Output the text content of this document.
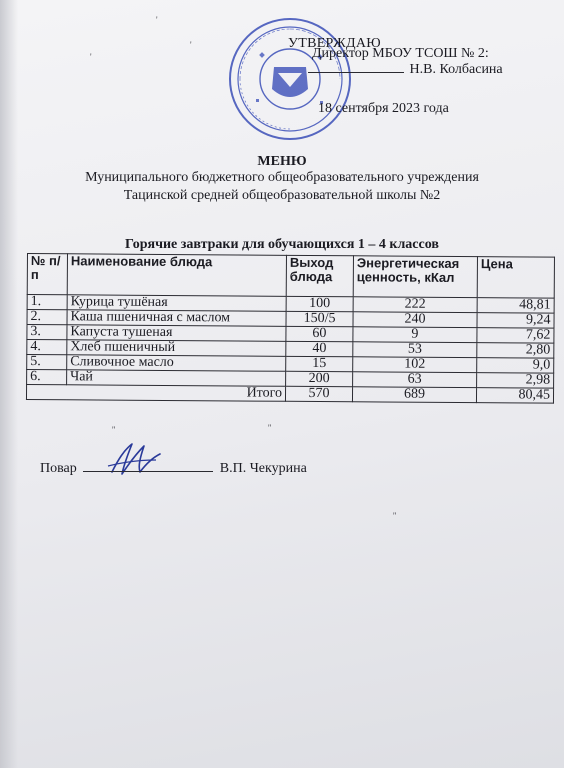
УТВЕРЖДАЮ
Директор МБОУ ТСОШ № 2:
Н.В. Колбасина
18 сентября 2023 года
МЕНЮ
Муниципального бюджетного общеобразовательного учреждения
Тацинской средней общеобразовательной школы №2
Горячие завтраки для обучающихся 1 – 4 классов
№ п/п	Наименование блюда	Выход блюда	Энергетическая ценность, кКал	Цена
1.	Курица тушёная	100	222	48,81
2.	Каша пшеничная с маслом	150/5	240	9,24
3.	Капуста тушеная	60	9	7,62
4.	Хлеб пшеничный	40	53	2,80
5.	Сливочное масло	15	102	9,0
6.	Чай	200	63	2,98
Итого		570	689	80,45
Повар	В.П. Чекурина
'
'
'
''	''
''
